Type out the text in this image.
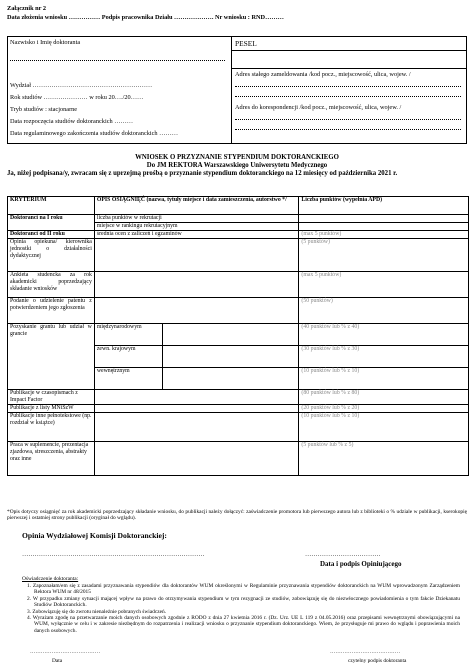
Załącznik nr 2
Data złożenia wniosku …………… Podpis pracownika Działu ………………. Nr wniosku : RND………
Nazwisko i Imię doktoranta	PESEL
Wydział …………………………………………………
Rok studiów ………………… w roku 20…./20……
Tryb studiów : stacjonarne
Data rozpoczęcia studiów doktoranckich ………
Data regulaminowego zakończenia studiów doktoranckich ………
Adres stałego zameldowania /kod pocz., miejscowość, ulica, wojew. /
Adres do korespondencji /kod pocz., miejscowość, ulica, wojew. /
WNIOSEK O PRZYZNANIE STYPENDIUM DOKTORANCKIEGO
Do JM REKTORA Warszawskiego Uniwersytetu Medycznego
Ja, niżej podpisana/y, zwracam się z uprzejmą prośbą o przyznanie stypendium doktoranckiego na 12 miesięcy od października 2021 r.
KRYTERIUM	OPIS OSIĄGNIĘĆ (nazwa, tytuły miejsce i data zamieszczenia, autorstwo */		Liczba punktów (wypełnia APD)
Doktoranci na I roku	liczba punktów w rekrutacji		
	miejsce w rankingu rekrutacyjnym		
Doktoranci od II roku	średnia ocen z zaliczeń i egzaminów		(max 5 punktów)
Opinia opiekuna/ kierownika jednostki o działalności dydaktycznej			(5 punktów)
Ankieta studencka za rok akademicki poprzedzający składanie wniosków			(max 5 punktów)
Podanie o udzielenie patentu z potwierdzeniem jego zgłoszenia			(50 punktów)
Pozyskanie grantu lub udział w grancie	międzynarodowym		(40 punktów lub % z 40)
	zewn. krajowym		(30 punktów lub % z 30)
	wewnętrznym		(10 punktów lub % z 10)
Publikacje w czasopismach z Impact Factor			(80 punktów lub % z 80)
Publikacje z listy MNiSzW			(20 punktów lub % z 20)
Publikacje inne pełnotekstowe (np. rozdział w książce)			(10 punktów lub % z 10)
Praca w suplemencie, prezentacja zjazdowa, streszczenia, abstrakty oraz inne			(5 punktów lub % z 5)
*Opis dotyczy osiągnięć za rok akademicki poprzedzający składanie wniosku, do publikacji należy dołączyć: zaświadczenie promotora lub pierwszego autora lub z biblioteki o % udziale w publikacji, kserokopię pierwszej i ostatniej strony publikacji (oryginał do wglądu).
Opinia Wydziałowej Komisji Doktoranckiej:
……………………………………………………………………………	………………………………
Data i podpis Opiniującego
Oświadczenie doktoranta:
1. Zapoznałam/em się z zasadami przyznawania stypendiów dla doktorantów WUM określonymi w Regulaminie przyznawania stypendiów doktoranckich na WUM wprowadzonym Zarządzeniem Rektora WUM nr 48/2015
2. W przypadku zmiany sytuacji mającej wpływ na prawo do otrzymywania stypendium w tym rezygnacji ze studiów, zobowiązuję się do niezwłocznego powiadomienia o tym fakcie Dziekanatu Studiów Doktoranckich.
3. Zobowiązuję się do zwrotu nienależnie pobranych świadczeń.
4. Wyrażam zgodę na przetwarzanie moich danych osobowych zgodnie z RODO z dnia 27 kwietnia 2016 r. (Dz. Urz. UE L 119 z 04.05.2016) oraz przepisami wewnętrznymi obowiązującymi na WUM, wyłącznie w celu i w zakresie niezbędnym do rozpatrzenia i realizacji wniosku o przyznanie stypendium doktoranckiego. Wiem, że przysługuje mi prawo do wglądu i poprawienia moich danych osobowych.
…………………………………	…………………………………
Data	czytelny podpis doktoranta
